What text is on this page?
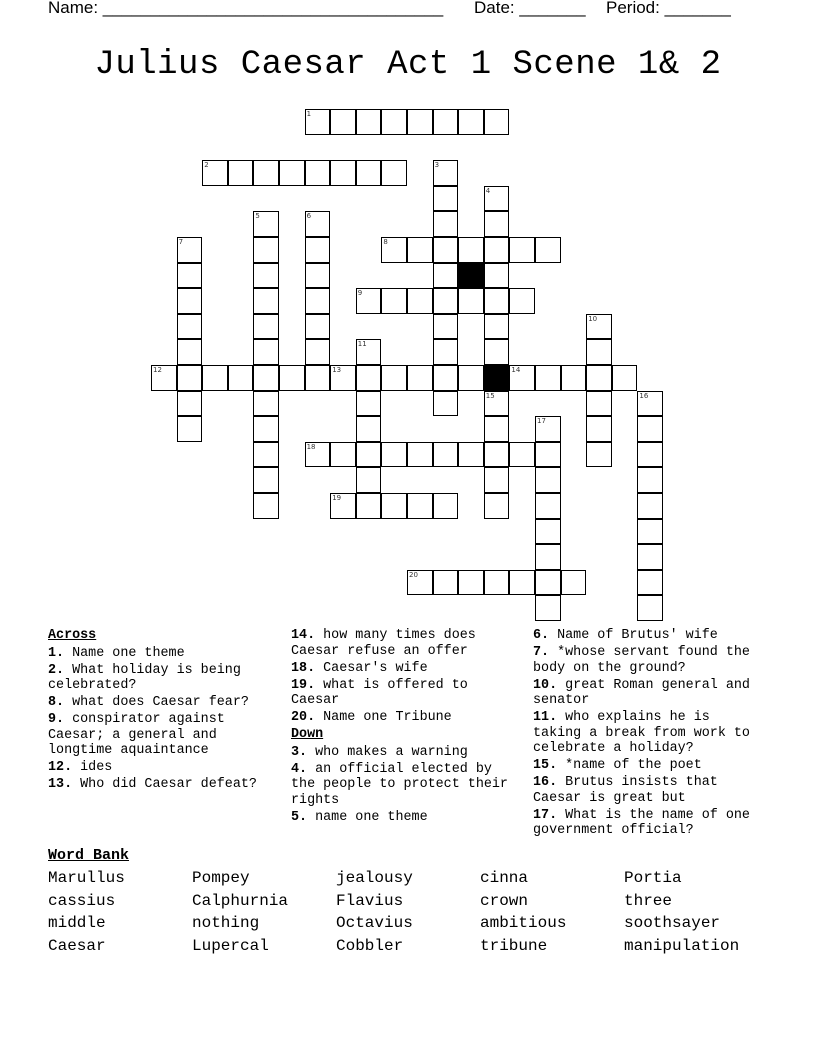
Name: ____________________________________ Date: _______ Period: _______
Julius Caesar Act 1 Scene 1& 2
1
2	3
4
5	6
7	8
9
10
11
12	13	14
15	16
17
18
19
20
Across
1. Name one theme
2. What holiday is being celebrated?
8. what does Caesar fear?
9. conspirator against Caesar; a general and longtime aquaintance
12. ides
13. Who did Caesar defeat?
14. how many times does Caesar refuse an offer
18. Caesar's wife
19. what is offered to Caesar
20. Name one Tribune
Down
3. who makes a warning
4. an official elected by the people to protect their rights
5. name one theme
6. Name of Brutus' wife
7. *whose servant found the body on the ground?
10. great Roman general and senator
11. who explains he is taking a break from work to celebrate a holiday?
15. *name of the poet
16. Brutus insists that Caesar is great but
17. What is the name of one government official?
Word Bank
Marullus	Pompey	jealousy	cinna	Portia
cassius	Calphurnia	Flavius	crown	three
middle	nothing	Octavius	ambitious	soothsayer
Caesar	Lupercal	Cobbler	tribune	manipulation
